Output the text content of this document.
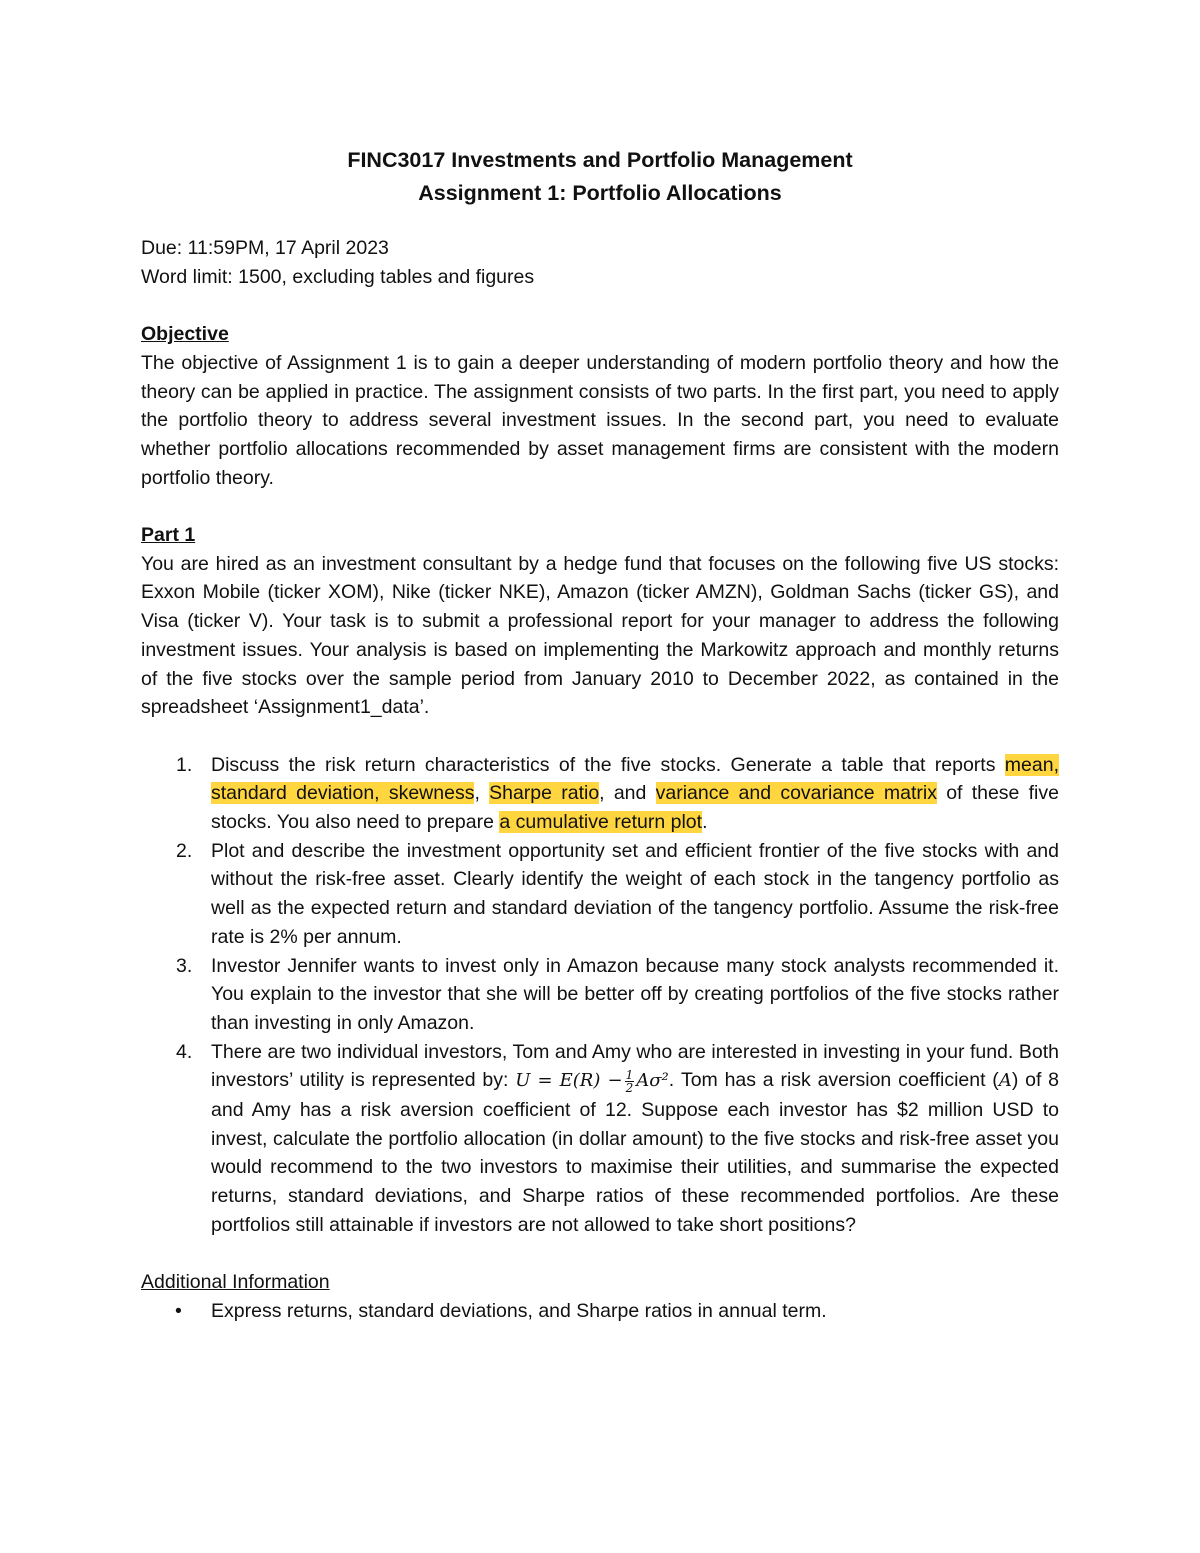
FINC3017 Investments and Portfolio Management
Assignment 1: Portfolio Allocations
Due: 11:59PM, 17 April 2023
Word limit: 1500, excluding tables and figures
Objective

The objective of Assignment 1 is to gain a deeper understanding of modern portfolio theory and how the theory can be applied in practice. The assignment consists of two parts. In the first part, you need to apply the portfolio theory to address several investment issues. In the second part, you need to evaluate whether portfolio allocations recommended by asset management firms are consistent with the modern portfolio theory.

Part 1

You are hired as an investment consultant by a hedge fund that focuses on the following five US stocks: Exxon Mobile (ticker XOM), Nike (ticker NKE), Amazon (ticker AMZN), Goldman Sachs (ticker GS), and Visa (ticker V). Your task is to submit a professional report for your manager to address the following investment issues. Your analysis is based on implementing the Markowitz approach and monthly returns of the five stocks over the sample period from January 2010 to December 2022, as contained in the spreadsheet ‘Assignment1_data’.

1. Discuss the risk return characteristics of the five stocks. Generate a table that reports mean, standard deviation, skewness, Sharpe ratio, and variance and covariance matrix of these five stocks. You also need to prepare a cumulative return plot.
2. Plot and describe the investment opportunity set and efficient frontier of the five stocks with and without the risk-free asset. Clearly identify the weight of each stock in the tangency portfolio as well as the expected return and standard deviation of the tangency portfolio. Assume the risk-free rate is 2% per annum.
3. Investor Jennifer wants to invest only in Amazon because many stock analysts recommended it. You explain to the investor that she will be better off by creating portfolios of the five stocks rather than investing in only Amazon.
4. There are two individual investors, Tom and Amy who are interested in investing in your fund. Both investors’ utility is represented by: $U = E(R) - \frac{1}{2} A\sigma^2$. Tom has a risk aversion coefficient (A) of 8 and Amy has a risk aversion coefficient of 12. Suppose each investor has $2 million USD to invest, calculate the portfolio allocation (in dollar amount) to the five stocks and risk-free asset you would recommend to the two investors to maximise their utilities, and summarise the expected returns, standard deviations, and Sharpe ratios of these recommended portfolios. Are these portfolios still attainable if investors are not allowed to take short positions?
Additional Information
• Express returns, standard deviations, and Sharpe ratios in annual term.
